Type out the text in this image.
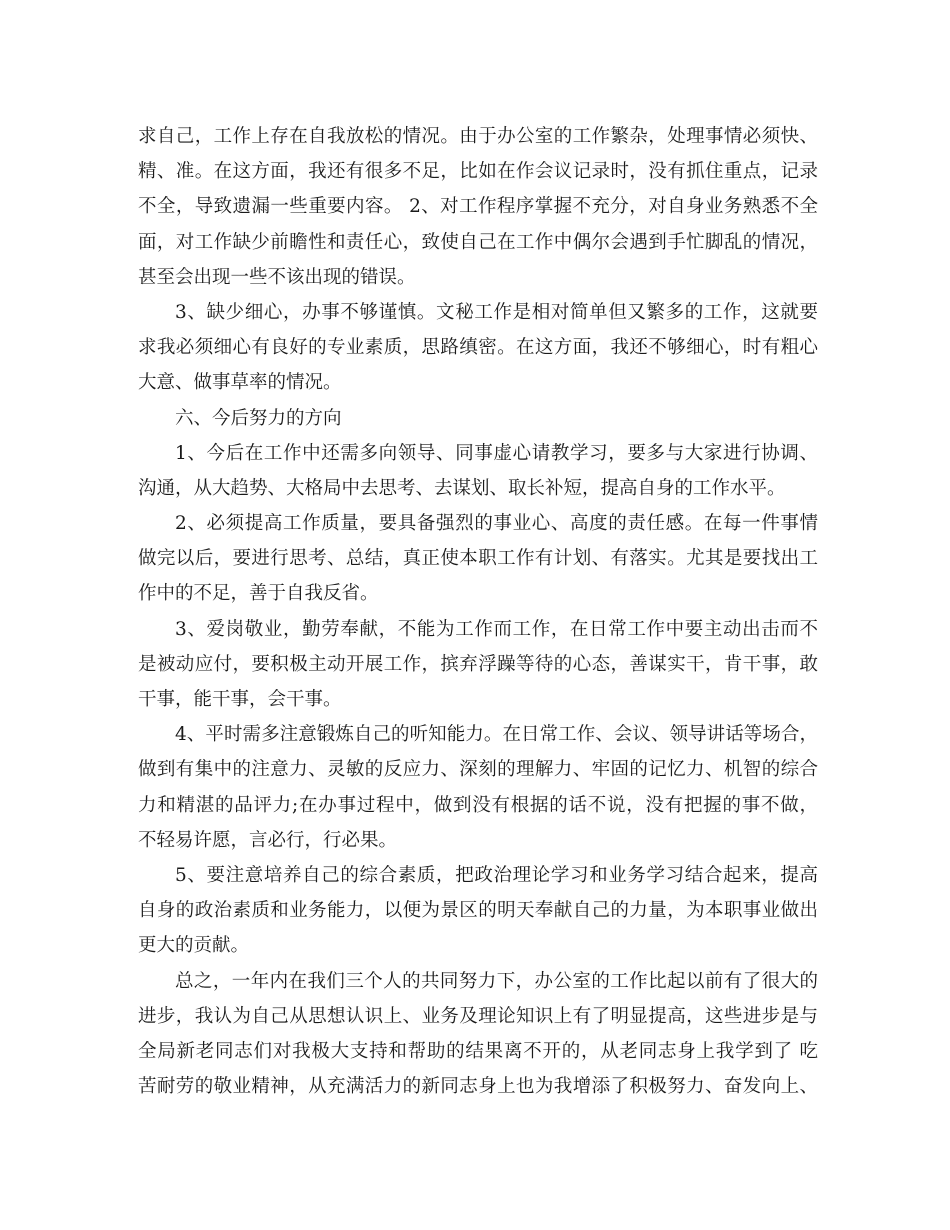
求自己，工作上存在自我放松的情况。由于办公室的工作繁杂，处理事情必须快、
精、准。在这方面，我还有很多不足，比如在作会议记录时，没有抓住重点，记录
不全，导致遗漏一些重要内容。 2、对工作程序掌握不充分，对自身业务熟悉不全
面，对工作缺少前瞻性和责任心，致使自己在工作中偶尔会遇到手忙脚乱的情况，
甚至会出现一些不该出现的错误。
3、缺少细心，办事不够谨慎。文秘工作是相对简单但又繁多的工作，这就要
求我必须细心有良好的专业素质，思路缜密。在这方面，我还不够细心，时有粗心
大意、做事草率的情况。
六、今后努力的方向
1、今后在工作中还需多向领导、同事虚心请教学习，要多与大家进行协调、
沟通，从大趋势、大格局中去思考、去谋划、取长补短，提高自身的工作水平。
2、必须提高工作质量，要具备强烈的事业心、高度的责任感。在每一件事情
做完以后，要进行思考、总结，真正使本职工作有计划、有落实。尤其是要找出工
作中的不足，善于自我反省。
3、爱岗敬业，勤劳奉献，不能为工作而工作，在日常工作中要主动出击而不
是被动应付，要积极主动开展工作，摈弃浮躁等待的心态，善谋实干，肯干事，敢
干事，能干事，会干事。
4、平时需多注意锻炼自己的听知能力。在日常工作、会议、领导讲话等场合，
做到有集中的注意力、灵敏的反应力、深刻的理解力、牢固的记忆力、机智的综合
力和精湛的品评力;在办事过程中，做到没有根据的话不说，没有把握的事不做，
不轻易许愿，言必行，行必果。
5、要注意培养自己的综合素质，把政治理论学习和业务学习结合起来，提高
自身的政治素质和业务能力，以便为景区的明天奉献自己的力量，为本职事业做出
更大的贡献。
总之，一年内在我们三个人的共同努力下，办公室的工作比起以前有了很大的
进步，我认为自己从思想认识上、业务及理论知识上有了明显提高，这些进步是与
全局新老同志们对我极大支持和帮助的结果离不开的，从老同志身上我学到了 吃
苦耐劳的敬业精神，从充满活力的新同志身上也为我增添了积极努力、奋发向上、
